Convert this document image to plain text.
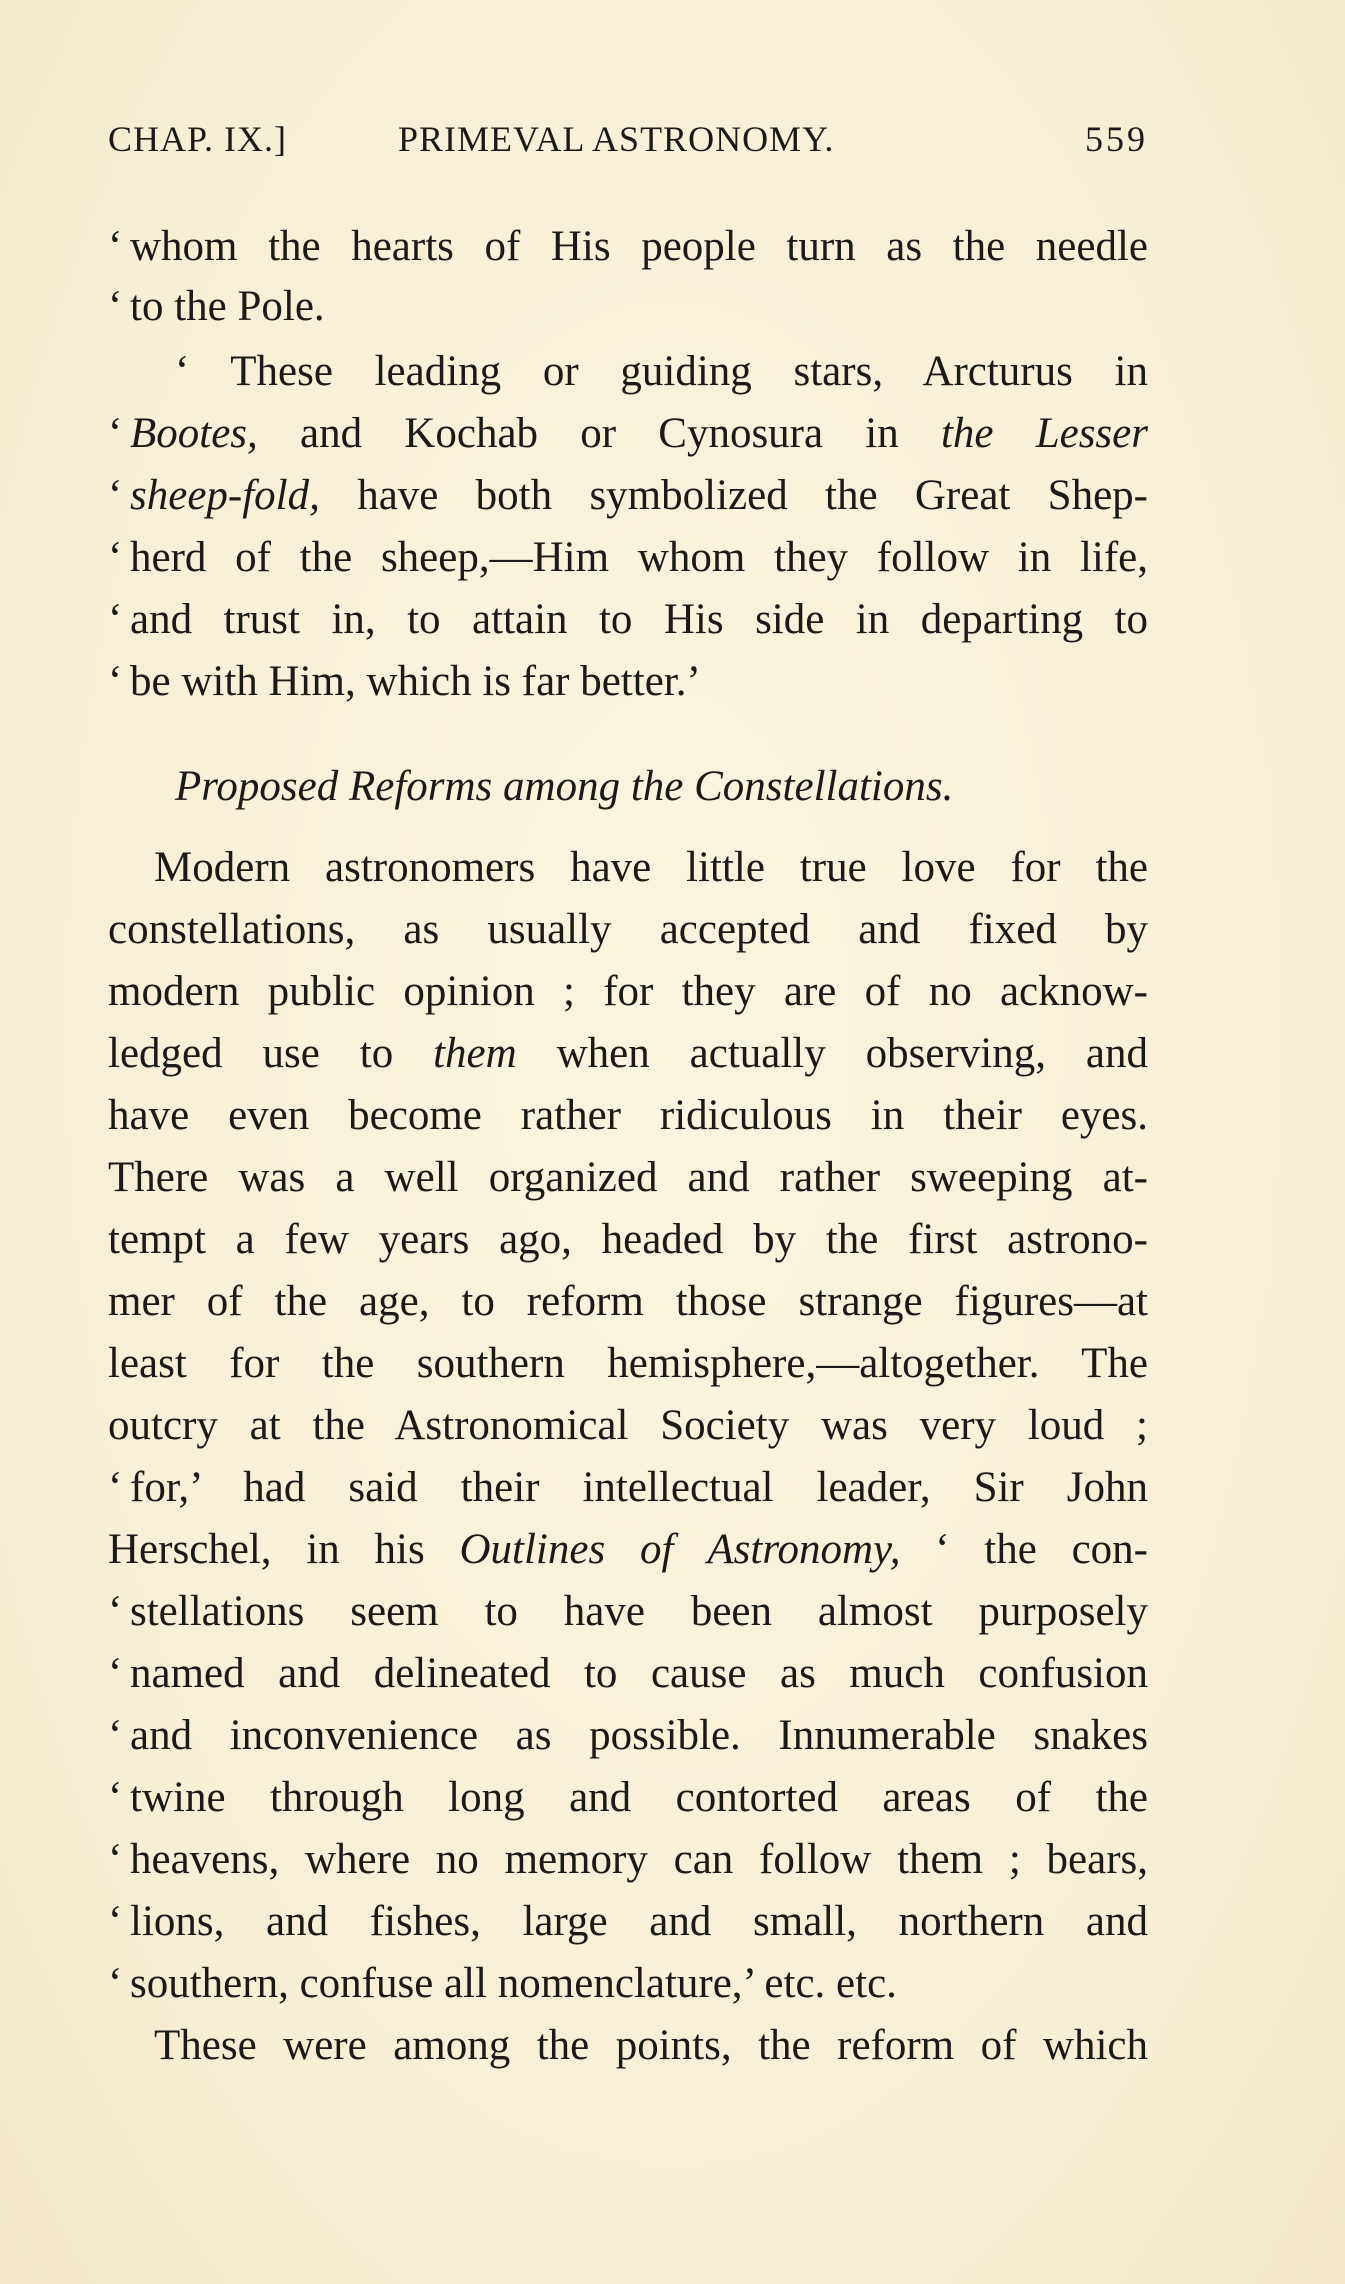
CHAP. IX.]	PRIMEVAL ASTRONOMY.	559
‘ whom the hearts of His people turn as the needle
‘ to the Pole.
‘ These leading or guiding stars, Arcturus in
‘ Bootes, and Kochab or Cynosura in the Lesser
‘ sheep-fold, have both symbolized the Great Shep-
‘ herd of the sheep,—Him whom they follow in life,
‘ and trust in, to attain to His side in departing to
‘ be with Him, which is far better.’
Modern astronomers have little true love for the
constellations, as usually accepted and fixed by
modern public opinion ; for they are of no acknow-
ledged use to them when actually observing, and
have even become rather ridiculous in their eyes.
There was a well organized and rather sweeping at-
tempt a few years ago, headed by the first astrono-
mer of the age, to reform those strange figures—at
least for the southern hemisphere,—altogether. The
outcry at the Astronomical Society was very loud ;
‘ for,’ had said their intellectual leader, Sir John
Herschel, in his Outlines of Astronomy, ‘ the con-
‘ stellations seem to have been almost purposely
‘ named and delineated to cause as much confusion
‘ and inconvenience as possible. Innumerable snakes
‘ twine through long and contorted areas of the
‘ heavens, where no memory can follow them ; bears,
‘ lions, and fishes, large and small, northern and
‘ southern, confuse all nomenclature,’ etc. etc.
These were among the points, the reform of which
Proposed Reforms among the Constellations.
